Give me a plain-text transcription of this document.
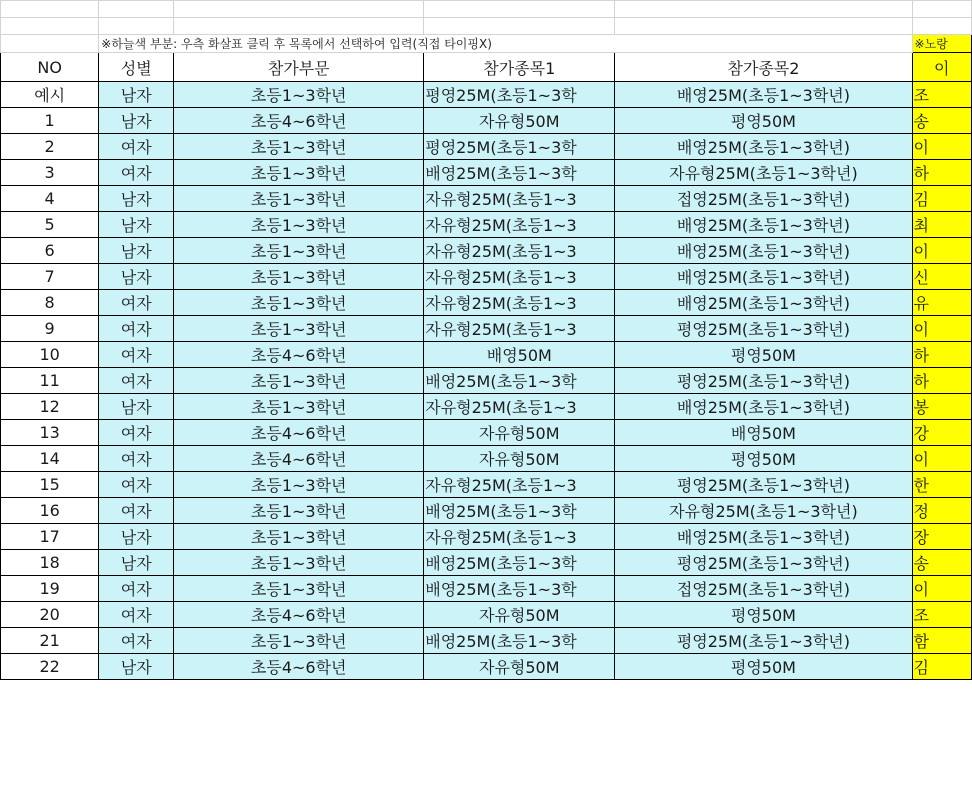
	※하늘색 부분: 우측 화살표 클릭 후 목록에서 선택하여 입력(직접 타이핑X)				※노랑
NO	성별	참가부문	참가종목1	참가종목2	이
예시	남자	초등1~3학년	평영25M(초등1~3학	배영25M(초등1~3학년)	조
1	남자	초등4~6학년	자유형50M	평영50M	송
2	여자	초등1~3학년	평영25M(초등1~3학	배영25M(초등1~3학년)	이
3	여자	초등1~3학년	배영25M(초등1~3학	자유형25M(초등1~3학년)	하
4	남자	초등1~3학년	자유형25M(초등1~3	접영25M(초등1~3학년)	김
5	남자	초등1~3학년	자유형25M(초등1~3	배영25M(초등1~3학년)	최
6	남자	초등1~3학년	자유형25M(초등1~3	배영25M(초등1~3학년)	이
7	남자	초등1~3학년	자유형25M(초등1~3	배영25M(초등1~3학년)	신
8	여자	초등1~3학년	자유형25M(초등1~3	배영25M(초등1~3학년)	유
9	여자	초등1~3학년	자유형25M(초등1~3	평영25M(초등1~3학년)	이
10	여자	초등4~6학년	배영50M	평영50M	하
11	여자	초등1~3학년	배영25M(초등1~3학	평영25M(초등1~3학년)	하
12	남자	초등1~3학년	자유형25M(초등1~3	배영25M(초등1~3학년)	봉
13	여자	초등4~6학년	자유형50M	배영50M	강
14	여자	초등4~6학년	자유형50M	평영50M	이
15	여자	초등1~3학년	자유형25M(초등1~3	평영25M(초등1~3학년)	한
16	여자	초등1~3학년	배영25M(초등1~3학	자유형25M(초등1~3학년)	정
17	남자	초등1~3학년	자유형25M(초등1~3	배영25M(초등1~3학년)	장
18	남자	초등1~3학년	배영25M(초등1~3학	평영25M(초등1~3학년)	송
19	여자	초등1~3학년	배영25M(초등1~3학	접영25M(초등1~3학년)	이
20	여자	초등4~6학년	자유형50M	평영50M	조
21	여자	초등1~3학년	배영25M(초등1~3학	평영25M(초등1~3학년)	함
22	남자	초등4~6학년	자유형50M	평영50M	김
